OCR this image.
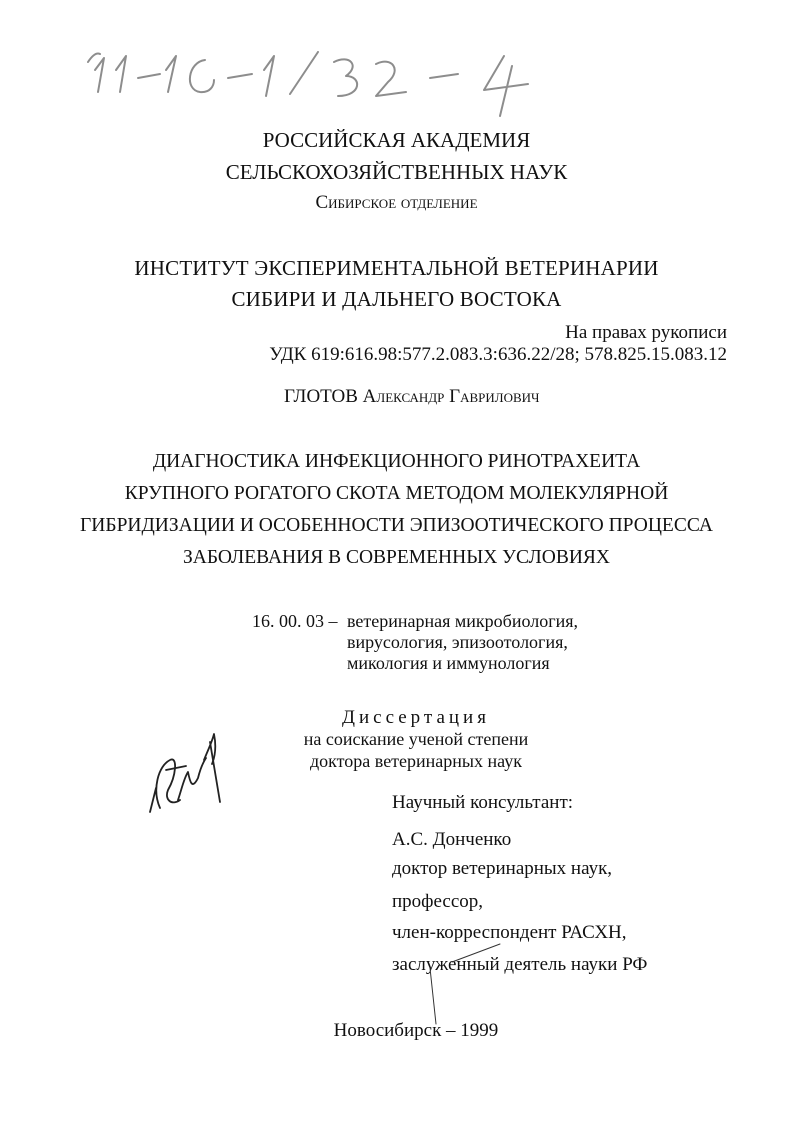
РОССИЙСКАЯ АКАДЕМИЯ
СЕЛЬСКОХОЗЯЙСТВЕННЫХ НАУК
Сибирское отделение
ИНСТИТУТ ЭКСПЕРИМЕНТАЛЬНОЙ ВЕТЕРИНАРИИ
СИБИРИ И ДАЛЬНЕГО ВОСТОКА
На правах рукописи
УДК 619:616.98:577.2.083.3:636.22/28; 578.825.15.083.12
ГЛОТОВ Александр Гаврилович
ДИАГНОСТИКА ИНФЕКЦИОННОГО РИНОТРАХЕИТА
КРУПНОГО РОГАТОГО СКОТА МЕТОДОМ МОЛЕКУЛЯРНОЙ
ГИБРИДИЗАЦИИ И ОСОБЕННОСТИ ЭПИЗООТИЧЕСКОГО ПРОЦЕССА
ЗАБОЛЕВАНИЯ В СОВРЕМЕННЫХ УСЛОВИЯХ
16. 00. 03 – ветеринарная микробиология,
вирусология, эпизоотология,
микология и иммунология
Диссертация
на соискание ученой степени
доктора ветеринарных наук
Научный консультант:
А.С. Донченко
доктор ветеринарных наук,
профессор,
член-корреспондент РАСХН,
заслуженный деятель науки РФ
Новосибирск – 1999
